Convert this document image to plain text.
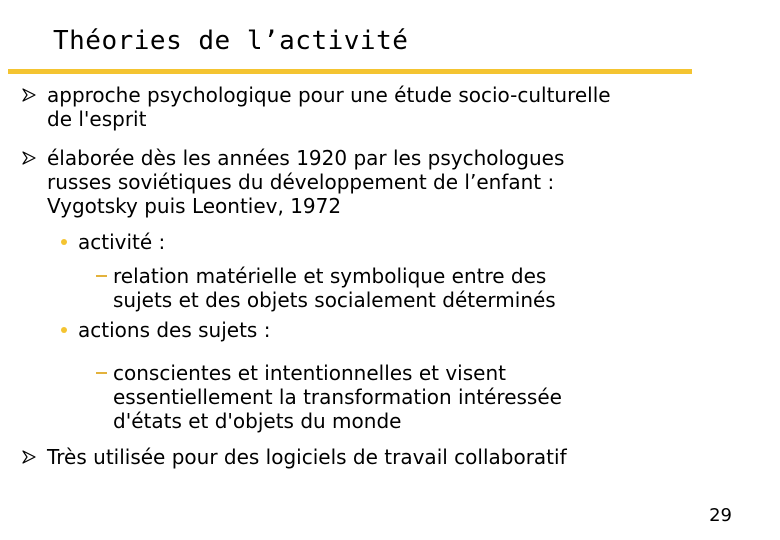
Théories de l’activité
approche psychologique pour une étude socio-culturelle
de l'esprit
élaborée dès les années 1920 par les psychologues
russes soviétiques du développement de l’enfant :
Vygotsky puis Leontiev, 1972
activité :
relation matérielle et symbolique entre des
sujets et des objets socialement déterminés
actions des sujets :
conscientes et intentionnelles et visent
essentiellement la transformation intéressée
d'états et d'objets du monde
Très utilisée pour des logiciels de travail collaboratif
29
